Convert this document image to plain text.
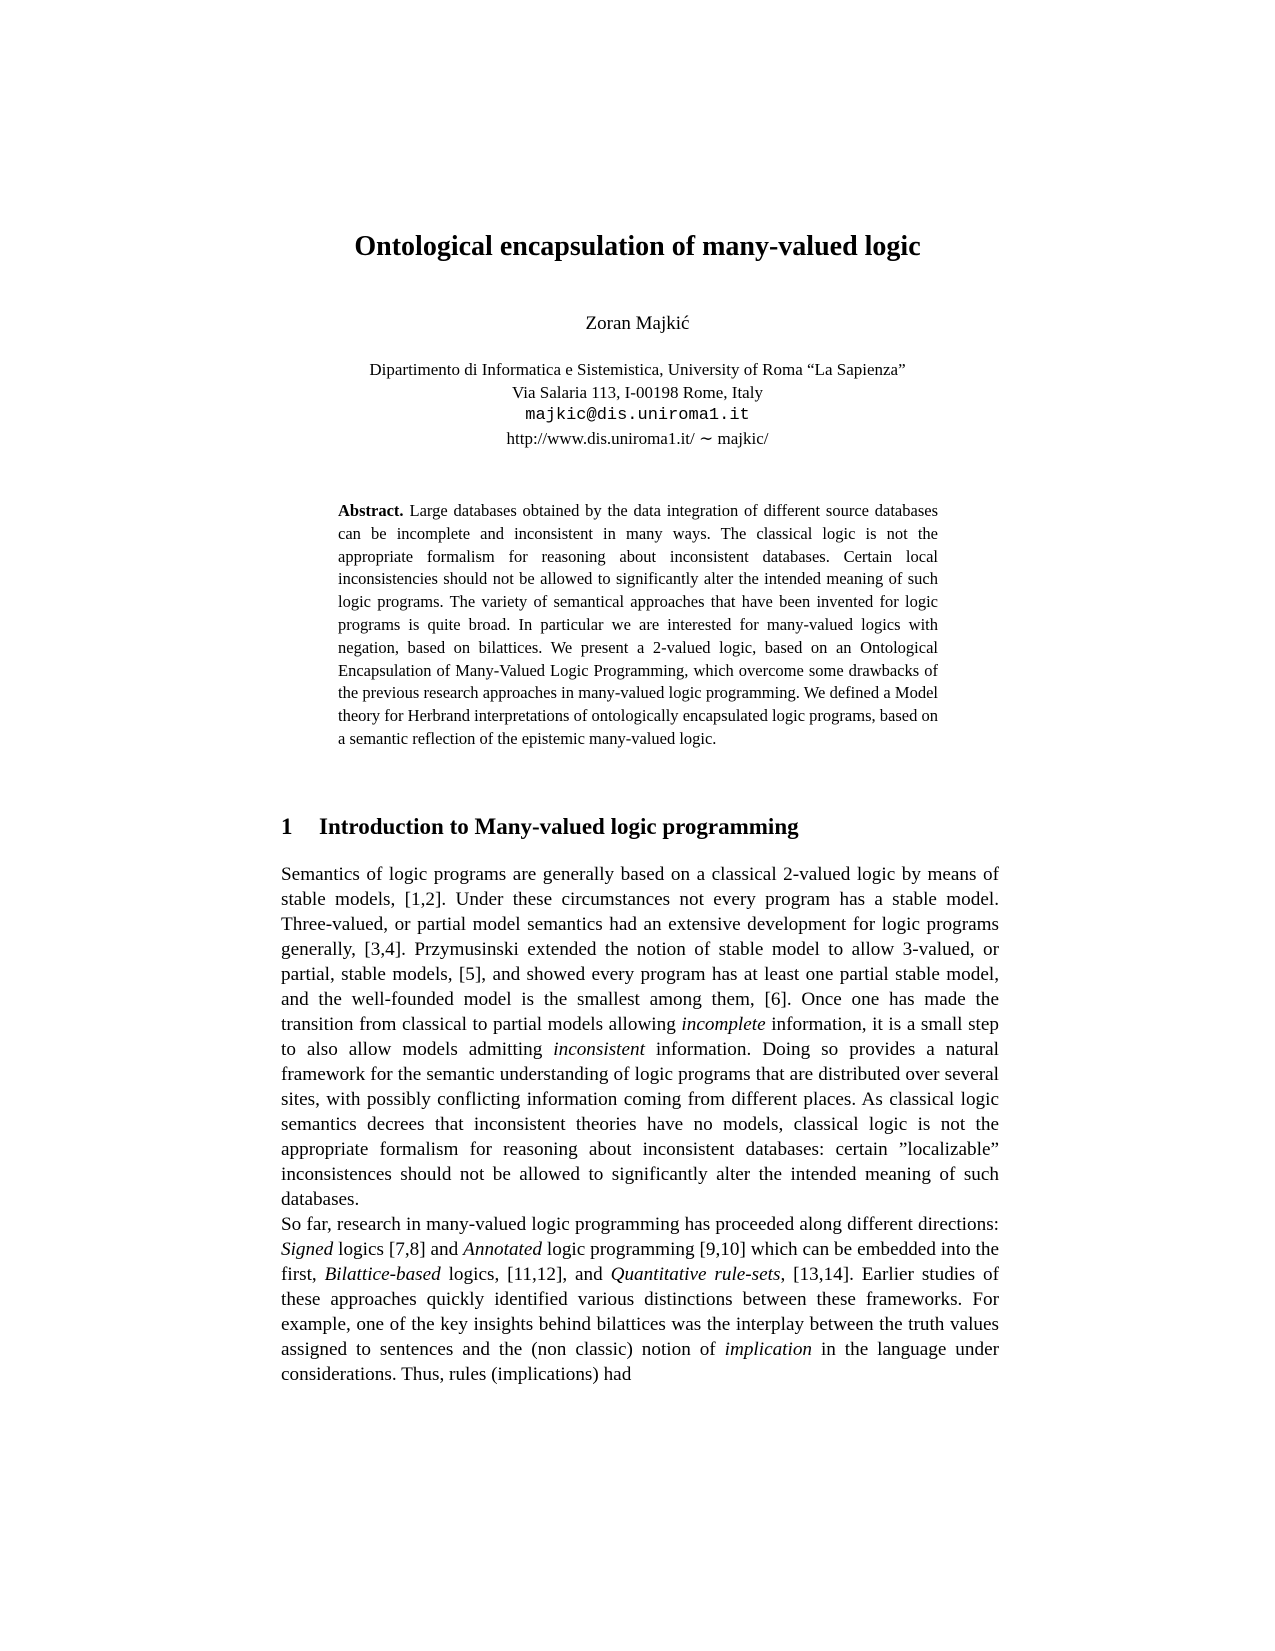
Ontological encapsulation of many-valued logic
Zoran Majkić
Dipartimento di Informatica e Sistemistica, University of Roma “La Sapienza”
Via Salaria 113, I-00198 Rome, Italy
majkic@dis.uniroma1.it
http://www.dis.uniroma1.it/ ∼ majkic/
Abstract. Large databases obtained by the data integration of different source databases can be incomplete and inconsistent in many ways. The classical logic is not the appropriate formalism for reasoning about inconsistent databases. Certain local inconsistencies should not be allowed to significantly alter the intended meaning of such logic programs. The variety of semantical approaches that have been invented for logic programs is quite broad. In particular we are interested for many-valued logics with negation, based on bilattices. We present a 2-valued logic, based on an Ontological Encapsulation of Many-Valued Logic Programming, which overcome some drawbacks of the previous research approaches in many-valued logic programming. We defined a Model theory for Herbrand interpretations of ontologically encapsulated logic programs, based on a semantic reflection of the epistemic many-valued logic.
1 Introduction to Many-valued logic programming

Semantics of logic programs are generally based on a classical 2-valued logic by means of stable models, [1,2]. Under these circumstances not every program has a stable model. Three-valued, or partial model semantics had an extensive development for logic programs generally, [3,4]. Przymusinski extended the notion of stable model to allow 3-valued, or partial, stable models, [5], and showed every program has at least one partial stable model, and the well-founded model is the smallest among them, [6]. Once one has made the transition from classical to partial models allowing incomplete information, it is a small step to also allow models admitting inconsistent information. Doing so provides a natural framework for the semantic understanding of logic programs that are distributed over several sites, with possibly conflicting information coming from different places. As classical logic semantics decrees that inconsistent theories have no models, classical logic is not the appropriate formalism for reasoning about inconsistent databases: certain ”localizable” inconsistences should not be allowed to significantly alter the intended meaning of such databases.

So far, research in many-valued logic programming has proceeded along different directions: Signed logics [7,8] and Annotated logic programming [9,10] which can be embedded into the first, Bilattice-based logics, [11,12], and Quantitative rule-sets, [13,14]. Earlier studies of these approaches quickly identified various distinctions between these frameworks. For example, one of the key insights behind bilattices was the interplay between the truth values assigned to sentences and the (non classic) notion of implication in the language under considerations. Thus, rules (implications) had
